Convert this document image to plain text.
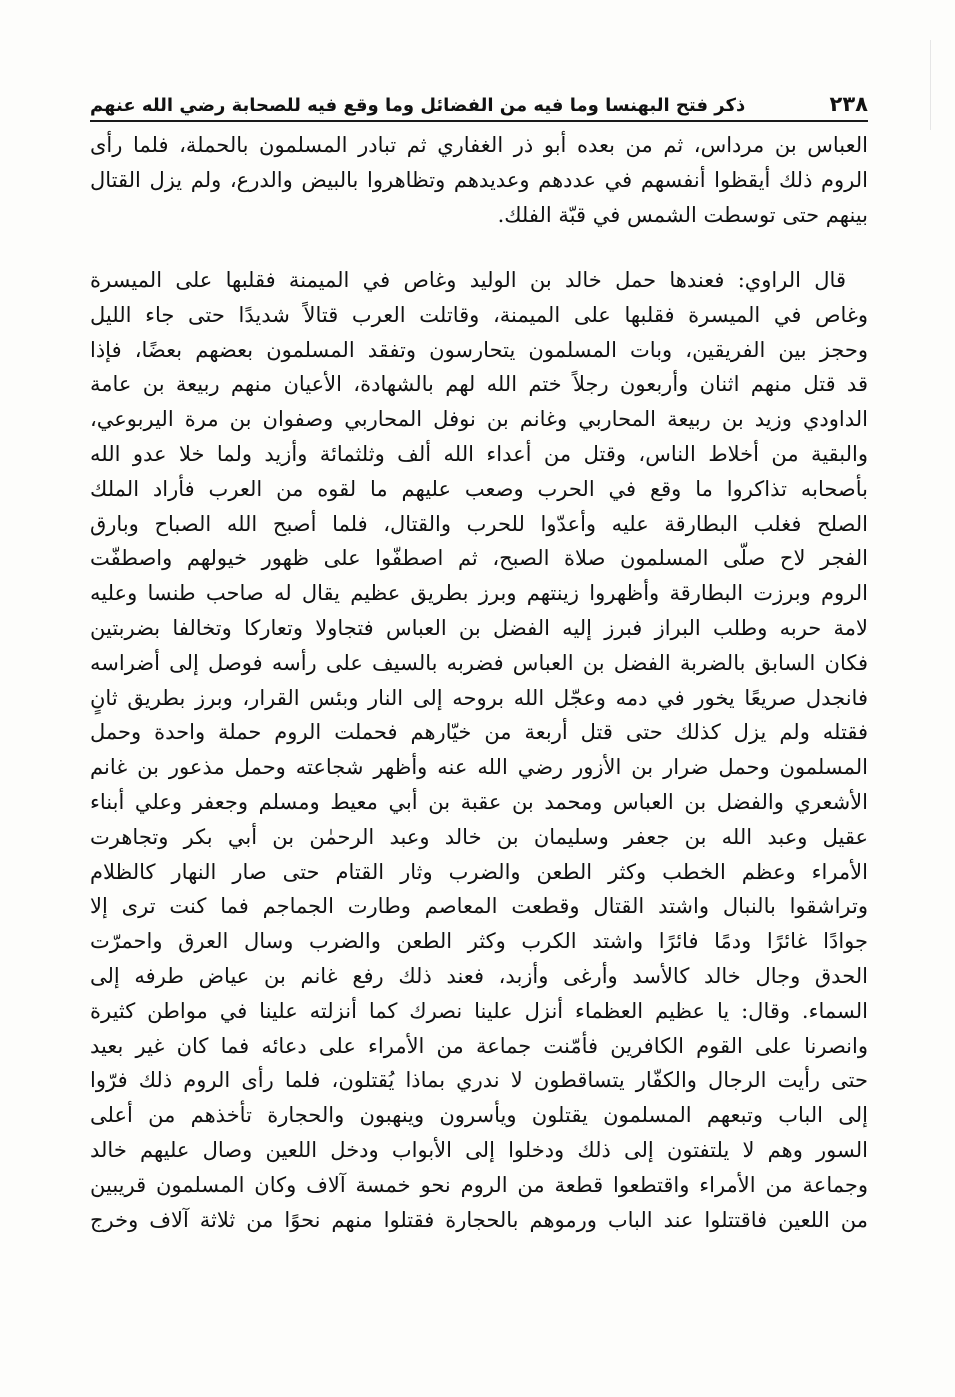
٢٣٨
ذكر فتح البهنسا وما فيه من الفضائل وما وقع فيه للصحابة رضي الله عنهم
العباس بن مرداس، ثم من بعده أبو ذر الغفاري ثم تبادر المسلمون بالحملة، فلما رأى
الروم ذلك أيقظوا أنفسهم في عددهم وعديدهم وتظاهروا بالبيض والدرع، ولم يزل القتال
بينهم حتى توسطت الشمس في قبّة الفلك.
قال الراوي: فعندها حمل خالد بن الوليد وغاص في الميمنة فقلبها على الميسرة
وغاص في الميسرة فقلبها على الميمنة، وقاتلت العرب قتالاً شديدًا حتى جاء الليل
وحجز بين الفريقين، وبات المسلمون يتحارسون وتفقد المسلمون بعضهم بعضًا، فإذا
قد قتل منهم اثنان وأربعون رجلاً ختم الله لهم بالشهادة، الأعيان منهم ربيعة بن عامة
الداودي وزيد بن ربيعة المحاربي وغانم بن نوفل المحاربي وصفوان بن مرة اليربوعي،
والبقية من أخلاط الناس، وقتل من أعداء الله ألف وثلثمائة وأزيد ولما خلا عدو الله
بأصحابه تذاكروا ما وقع في الحرب وصعب عليهم ما لقوه من العرب فأراد الملك
الصلح فغلب البطارقة عليه وأعدّوا للحرب والقتال، فلما أصبح الله الصباح وبارق
الفجر لاح صلّى المسلمون صلاة الصبح، ثم اصطفّوا على ظهور خيولهم واصطفّت
الروم وبرزت البطارقة وأظهروا زينتهم وبرز بطريق عظيم يقال له صاحب طنسا وعليه
لامة حربه وطلب البراز فبرز إليه الفضل بن العباس فتجاولا وتعاركا وتخالفا بضربتين
فكان السابق بالضربة الفضل بن العباس فضربه بالسيف على رأسه فوصل إلى أضراسه
فانجدل صريعًا يخور في دمه وعجّل الله بروحه إلى النار وبئس القرار، وبرز بطريق ثانٍ
فقتله ولم يزل كذلك حتى قتل أربعة من خيّارهم فحملت الروم حملة واحدة وحمل
المسلمون وحمل ضرار بن الأزور رضي الله عنه وأظهر شجاعته وحمل مذعور بن غانم
الأشعري والفضل بن العباس ومحمد بن عقبة بن أبي معيط ومسلم وجعفر وعلي أبناء
عقيل وعبد الله بن جعفر وسليمان بن خالد وعبد الرحمٰن بن أبي بكر وتجاهرت
الأمراء وعظم الخطب وكثر الطعن والضرب وثار القتام حتى صار النهار كالظلام
وتراشقوا بالنبال واشتد القتال وقطعت المعاصم وطارت الجماجم فما كنت ترى إلا
جوادًا غائرًا ودمًا فائرًا واشتد الكرب وكثر الطعن والضرب وسال العرق واحمرّت
الحدق وجال خالد كالأسد وأرغى وأزبد، فعند ذلك رفع غانم بن عياض طرفه إلى
السماء. وقال: يا عظيم العظماء أنزل علينا نصرك كما أنزلته علينا في مواطن كثيرة
وانصرنا على القوم الكافرين فأمّنت جماعة من الأمراء على دعائه فما كان غير بعيد
حتى رأيت الرجال والكفّار يتساقطون لا ندري بماذا يُقتلون، فلما رأى الروم ذلك فرّوا
إلى الباب وتبعهم المسلمون يقتلون ويأسرون وينهبون والحجارة تأخذهم من أعلى
السور وهم لا يلتفتون إلى ذلك ودخلوا إلى الأبواب ودخل اللعين وصال عليهم خالد
وجماعة من الأمراء واقتطعوا قطعة من الروم نحو خمسة آلاف وكان المسلمون قريبين
من اللعين فاقتتلوا عند الباب ورموهم بالحجارة فقتلوا منهم نحوًا من ثلاثة آلاف وخرج
